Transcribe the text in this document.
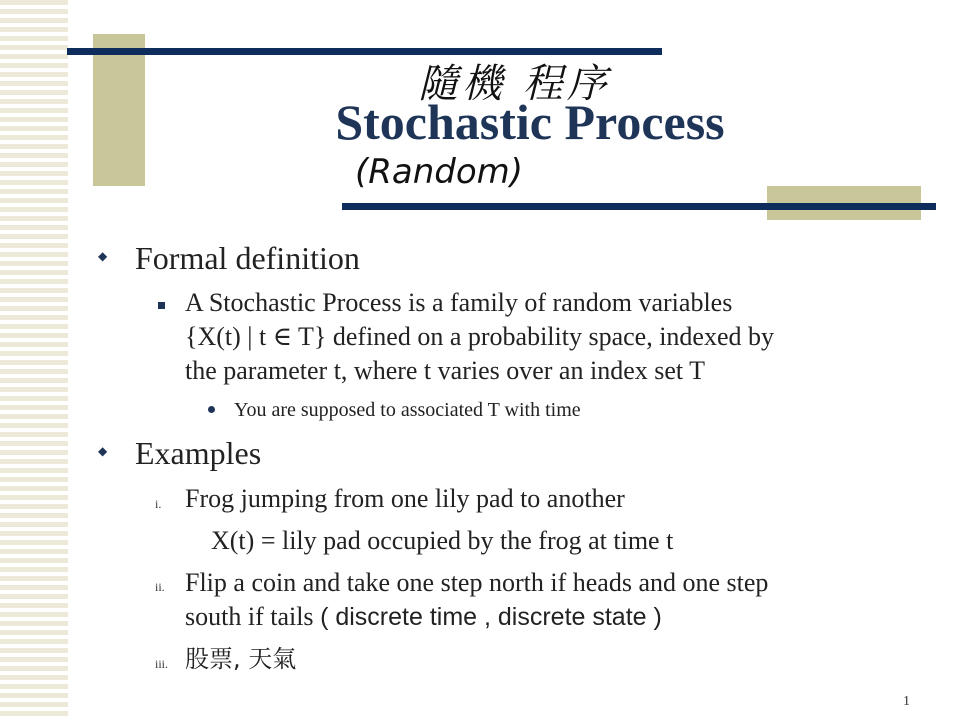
隨機 程序
Stochastic Process
(Random)
◆ Formal definition
A Stochastic Process is a family of random variables
{X(t) | t ∈ T} defined on a probability space, indexed by
the parameter t, where t varies over an index set T
You are supposed to associated T with time
◆ Examples
i. Frog jumping from one lily pad to another
X(t) = lily pad occupied by the frog at time t
ii. Flip a coin and take one step north if heads and one step
south if tails ( discrete time , discrete state )
iii. 股票, 天氣
1
